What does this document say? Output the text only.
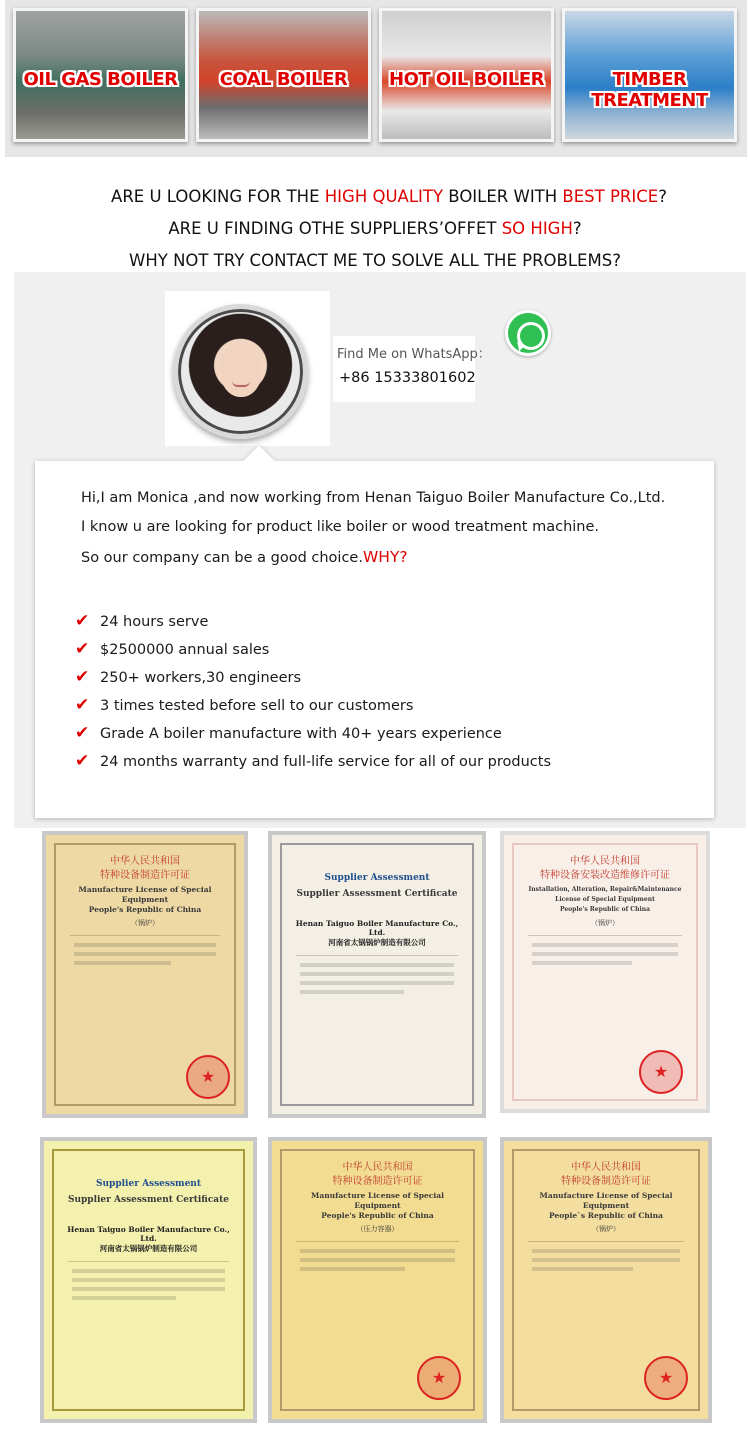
OIL GAS BOILER	COAL BOILER	HOT OIL BOILER	TIMBER TREATMENT
ARE U LOOKING FOR THE HIGH QUALITY BOILER WITH BEST PRICE?
ARE U FINDING OTHE SUPPLIERS’OFFET SO HIGH?
WHY NOT TRY CONTACT ME TO SOLVE ALL THE PROBLEMS?
Find Me on WhatsApp：
+86 15333801602
Hi,I am Monica ,and now working from Henan Taiguo Boiler Manufacture Co.,Ltd.
I know u are looking for product like boiler or wood treatment machine.
So our company can be a good choice.WHY?
✔ 24 hours serve
✔ $2500000 annual sales
✔ 250+ workers,30 engineers
✔ 3 times tested before sell to our customers
✔ Grade A boiler manufacture with 40+ years experience
✔ 24 months warranty and full-life service for all of our products
中华人民共和国
特种设备制造许可证
Manufacture License of Special Equipment
People's Republic of China
（锅炉）
★
Supplier Assessment
Supplier Assessment Certificate
Henan Taiguo Boiler Manufacture Co., Ltd.
河南省太锅锅炉制造有限公司
中华人民共和国
特种设备安装改造维修许可证
Installation, Alteration, Repair&Maintenance License of Special Equipment
People's Republic of China
（锅炉）
★
Supplier Assessment
Supplier Assessment Certificate
Henan Taiguo Boiler Manufacture Co., Ltd.
河南省太锅锅炉制造有限公司
中华人民共和国
特种设备制造许可证
Manufacture License of Special Equipment
People's Republic of China
（压力容器）
★
中华人民共和国
特种设备制造许可证
Manufacture License of Special Equipment
People`s Republic of China
（锅炉）
★
